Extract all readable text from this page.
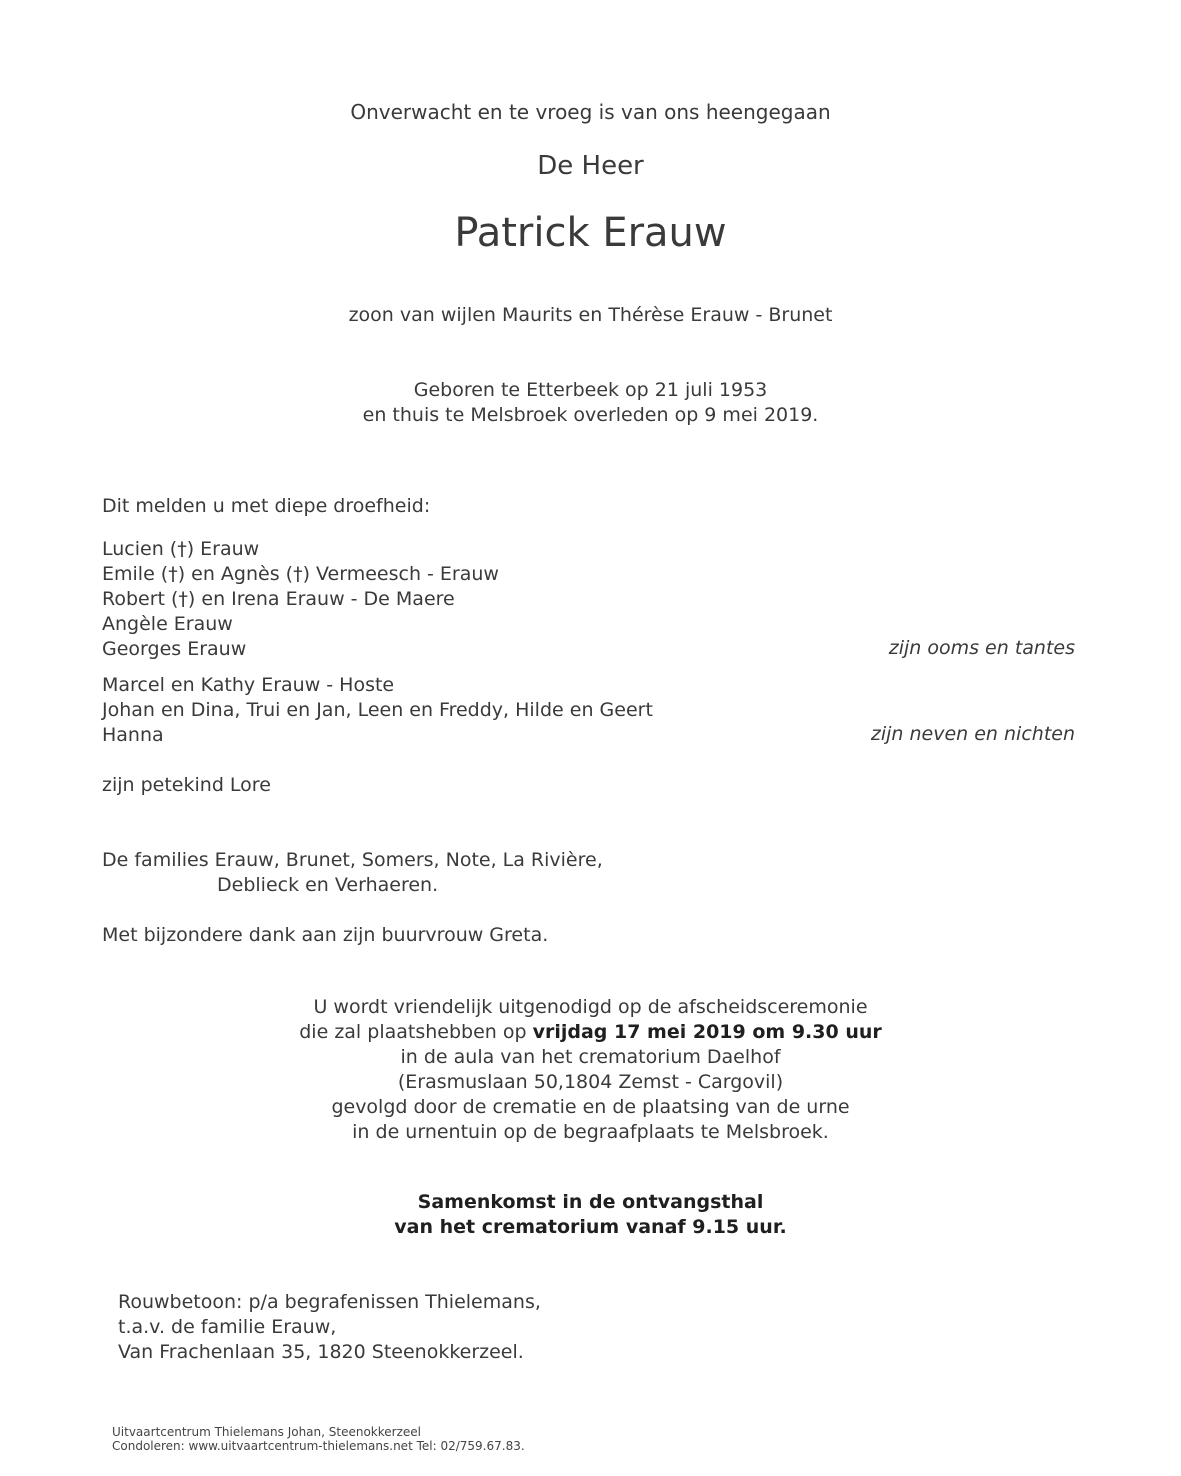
Onverwacht en te vroeg is van ons heengegaan
De Heer
Patrick Erauw
zoon van wijlen Maurits en Thérèse Erauw - Brunet
Geboren te Etterbeek op 21 juli 1953
en thuis te Melsbroek overleden op 9 mei 2019.
Dit melden u met diepe droefheid:
Lucien (†) Erauw
Emile (†) en Agnès (†) Vermeesch - Erauw
Robert (†) en Irena Erauw - De Maere
Angèle Erauw
Georges Erauw	zijn ooms en tantes
Marcel en Kathy Erauw - Hoste
Johan en Dina, Trui en Jan, Leen en Freddy, Hilde en Geert
Hanna	zijn neven en nichten
zijn petekind Lore
De families Erauw, Brunet, Somers, Note, La Rivière,
Deblieck en Verhaeren.
Met bijzondere dank aan zijn buurvrouw Greta.
U wordt vriendelijk uitgenodigd op de afscheidsceremonie
die zal plaatshebben op vrijdag 17 mei 2019 om 9.30 uur
in de aula van het crematorium Daelhof
(Erasmuslaan 50,1804 Zemst - Cargovil)
gevolgd door de crematie en de plaatsing van de urne
in de urnentuin op de begraafplaats te Melsbroek.
Samenkomst in de ontvangsthal
van het crematorium vanaf 9.15 uur.
Rouwbetoon: p/a begrafenissen Thielemans,
t.a.v. de familie Erauw,
Van Frachenlaan 35, 1820 Steenokkerzeel.
Uitvaartcentrum Thielemans Johan, Steenokkerzeel
Condoleren: www.uitvaartcentrum-thielemans.net Tel: 02/759.67.83.
